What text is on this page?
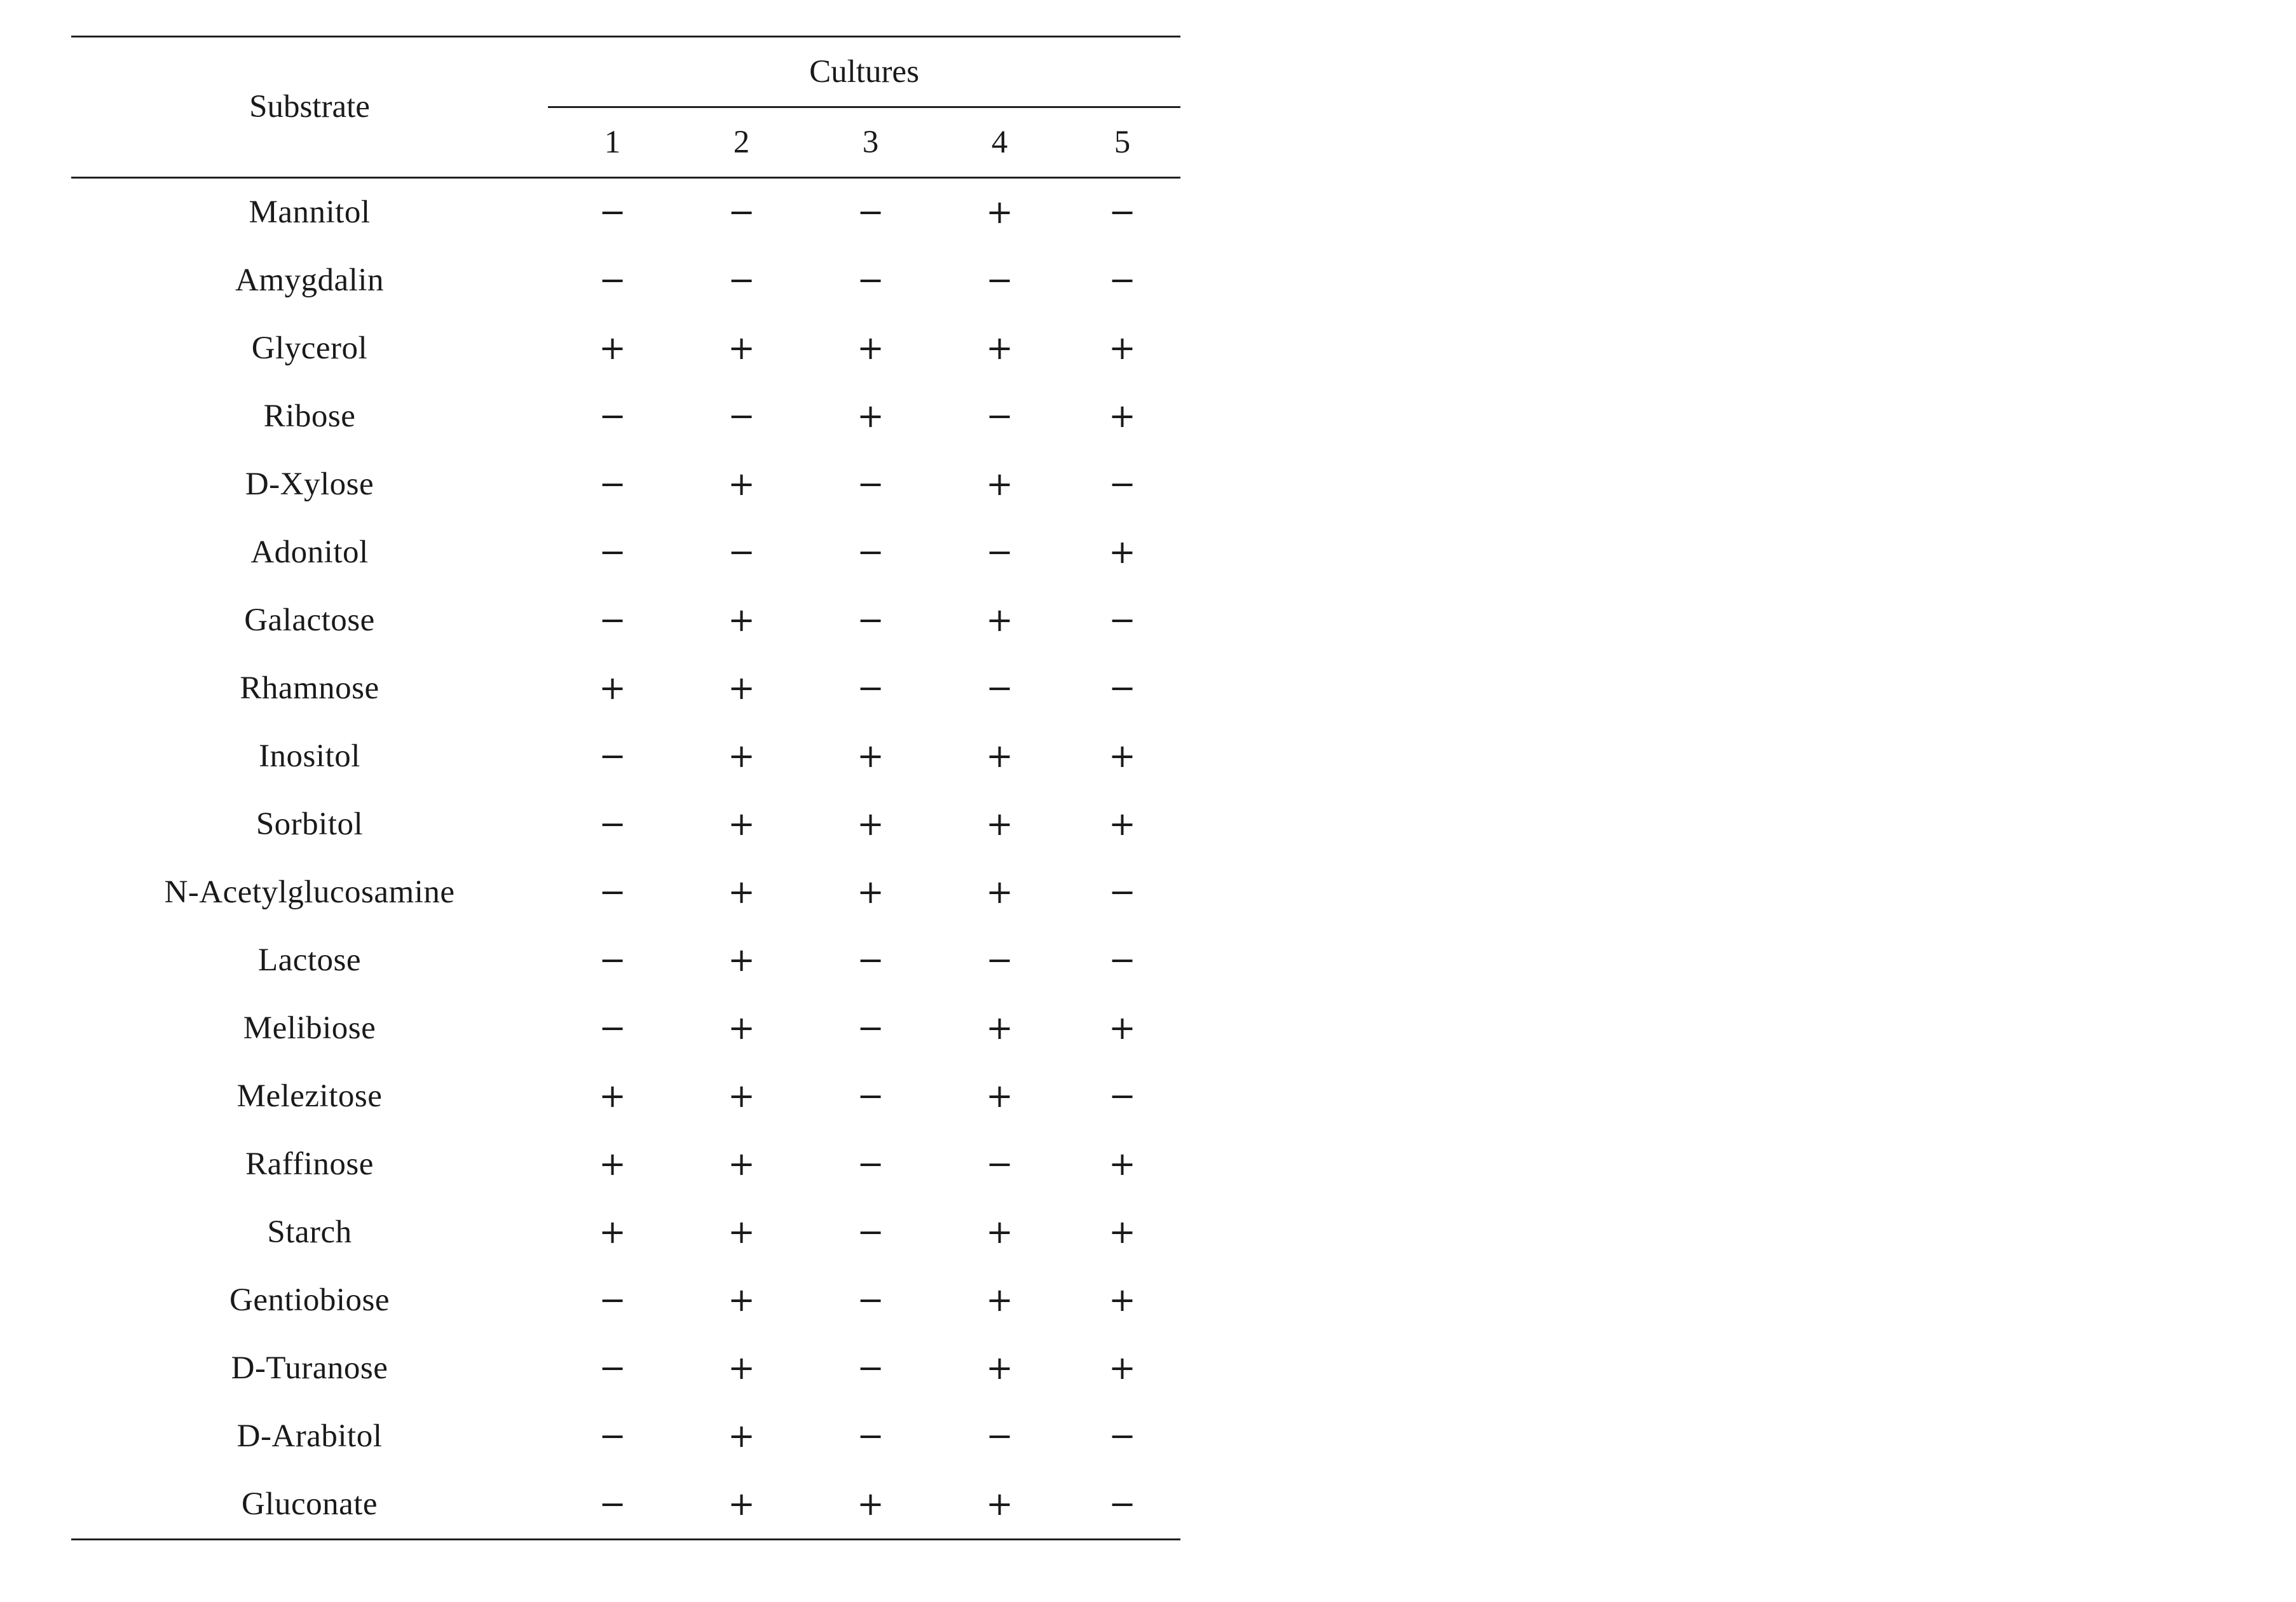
Substrate	Cultures				
	1	2	3	4	5
Mannitol	−	−	−	+	−
Amygdalin	−	−	−	−	−
Glycerol	+	+	+	+	+
Ribose	−	−	+	−	+
D-Xylose	−	+	−	+	−
Adonitol	−	−	−	−	+
Galactose	−	+	−	+	−
Rhamnose	+	+	−	−	−
Inositol	−	+	+	+	+
Sorbitol	−	+	+	+	+
N-Acetylglucosamine	−	+	+	+	−
Lactose	−	+	−	−	−
Melibiose	−	+	−	+	+
Melezitose	+	+	−	+	−
Raffinose	+	+	−	−	+
Starch	+	+	−	+	+
Gentiobiose	−	+	−	+	+
D-Turanose	−	+	−	+	+
D-Arabitol	−	+	−	−	−
Gluconate	−	+	+	+	−
